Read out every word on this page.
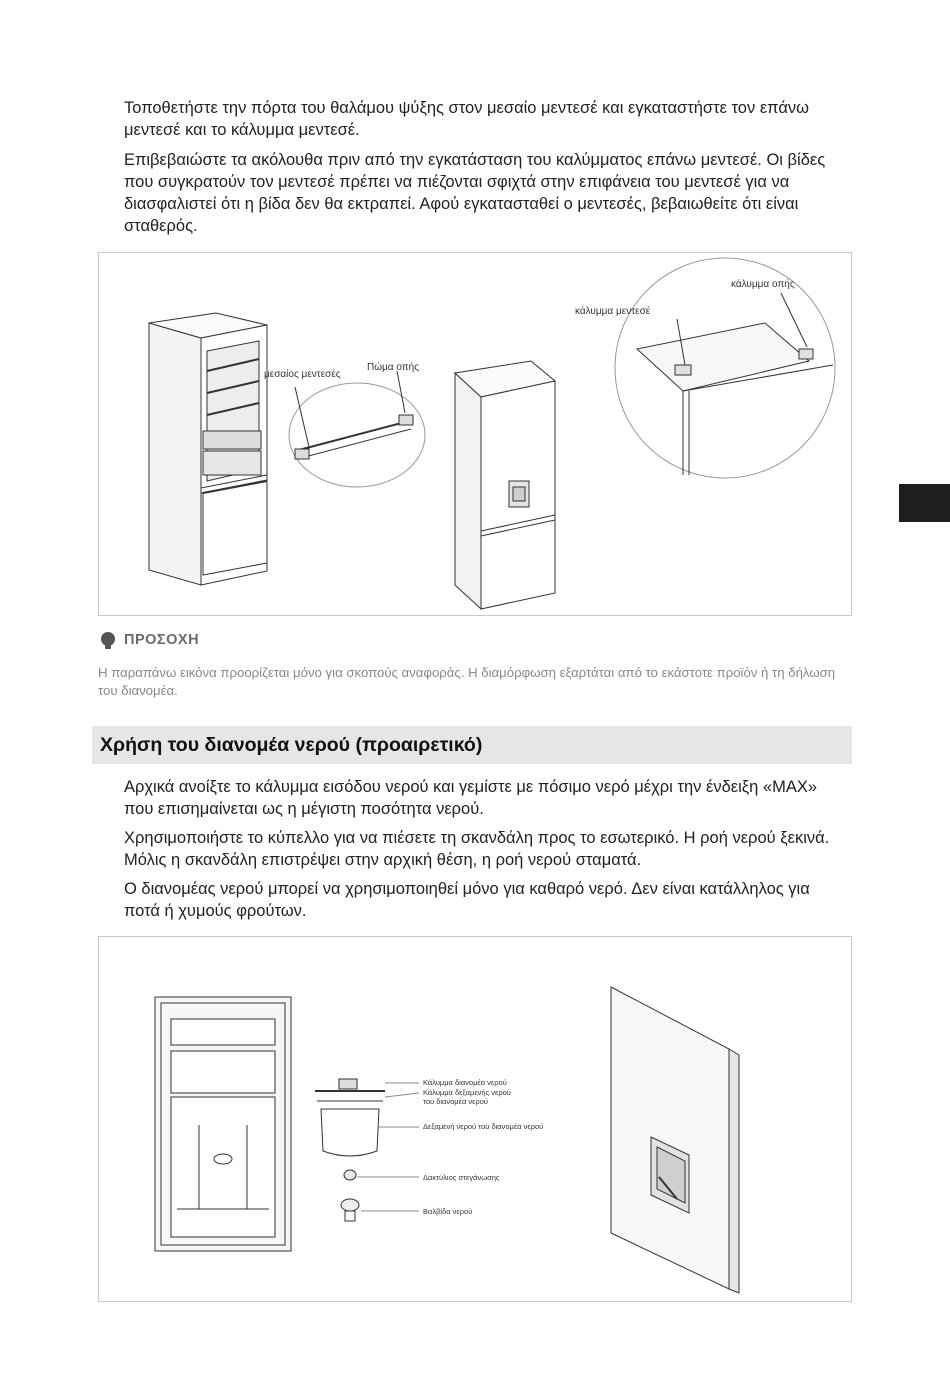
Τοποθετήστε την πόρτα του θαλάμου ψύξης στον μεσαίο μεντεσέ και εγκαταστήστε τον επάνω μεντεσέ και το κάλυμμα μεντεσέ.

Επιβεβαιώστε τα ακόλουθα πριν από την εγκατάσταση του καλύμματος επάνω μεντεσέ. Οι βίδες που συγκρατούν τον μεντεσέ πρέπει να πιέζονται σφιχτά στην επιφάνεια του μεντεσέ για να διασφαλιστεί ότι η βίδα δεν θα εκτραπεί. Αφού εγκατασταθεί ο μεντεσές, βεβαιωθείτε ότι είναι σταθερός.

μεσαίος μεντεσές
Πώμα οπής
κάλυμμα μεντεσέ
κάλυμμα οπής
ΠΡΟΣΟΧΗ

Η παραπάνω εικόνα προορίζεται μόνο για σκοπούς αναφοράς. Η διαμόρφωση εξαρτάται από το εκάστοτε προϊόν ή τη δήλωση του διανομέα.

Χρήση του διανομέα νερού (προαιρετικό)

Αρχικά ανοίξτε το κάλυμμα εισόδου νερού και γεμίστε με πόσιμο νερό μέχρι την ένδειξη «MAX» που επισημαίνεται ως η μέγιστη ποσότητα νερού.

Χρησιμοποιήστε το κύπελλο για να πιέσετε τη σκανδάλη προς το εσωτερικό. Η ροή νερού ξεκινά. Μόλις η σκανδάλη επιστρέψει στην αρχική θέση, η ροή νερού σταματά.

Ο διανομέας νερού μπορεί να χρησιμοποιηθεί μόνο για καθαρό νερό. Δεν είναι κατάλληλος για ποτά ή χυμούς φρούτων.

Κάλυμμα διανομέα νερού
Κάλυμμα δεξαμενής νερού
του διανομέα νερού
Δεξαμενή νερού του διανομέα νερού
Δακτύλιος στεγάνωσης
Βαλβίδα νερού
